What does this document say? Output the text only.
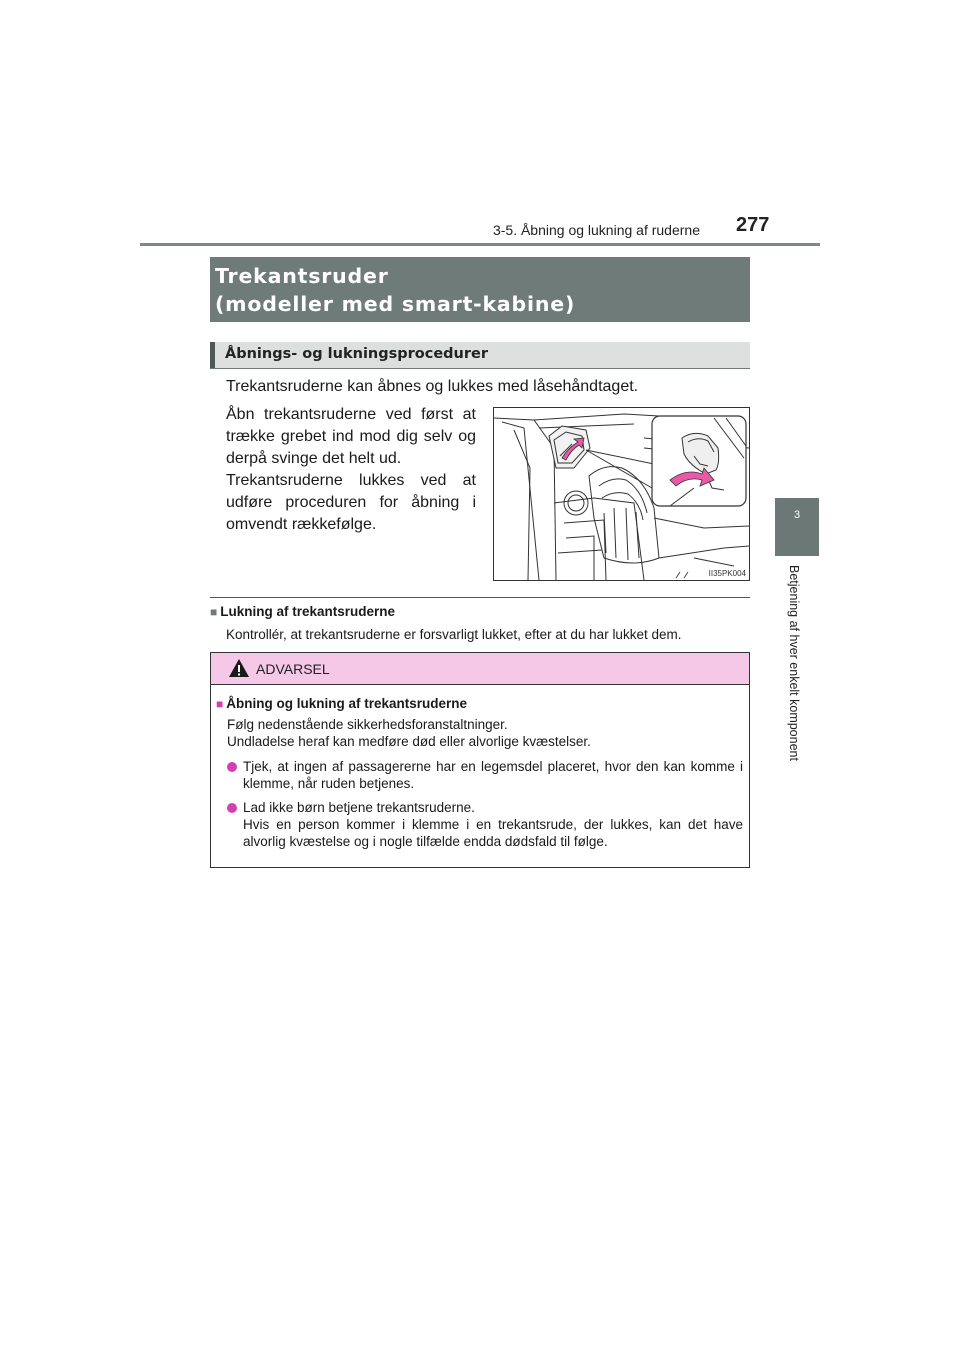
3-5. Åbning og lukning af ruderne 277
3
Betjening af hver enkelt komponent
Trekantsruder
(modeller med smart-kabine)
Åbnings- og lukningsprocedurer
Trekantsruderne kan åbnes og lukkes med låsehåndtaget.
Åbn trekantsruderne ved først at trække grebet ind mod dig selv og derpå svinge det helt ud.
Trekantsruderne lukkes ved at udføre proceduren for åbning i omvendt rækkefølge.
II35PK004
■ Lukning af trekantsruderne
Kontrollér, at trekantsruderne er forsvarligt lukket, efter at du har lukket dem.
ADVARSEL
■ Åbning og lukning af trekantsruderne
Følg nedenstående sikkerhedsforanstaltninger.
Undladelse heraf kan medføre død eller alvorlige kvæstelser.
Tjek, at ingen af passagererne har en legemsdel placeret, hvor den kan komme i klemme, når ruden betjenes.
Lad ikke børn betjene trekantsruderne.
Hvis en person kommer i klemme i en trekantsrude, der lukkes, kan det have alvorlig kvæstelse og i nogle tilfælde endda dødsfald til følge.
